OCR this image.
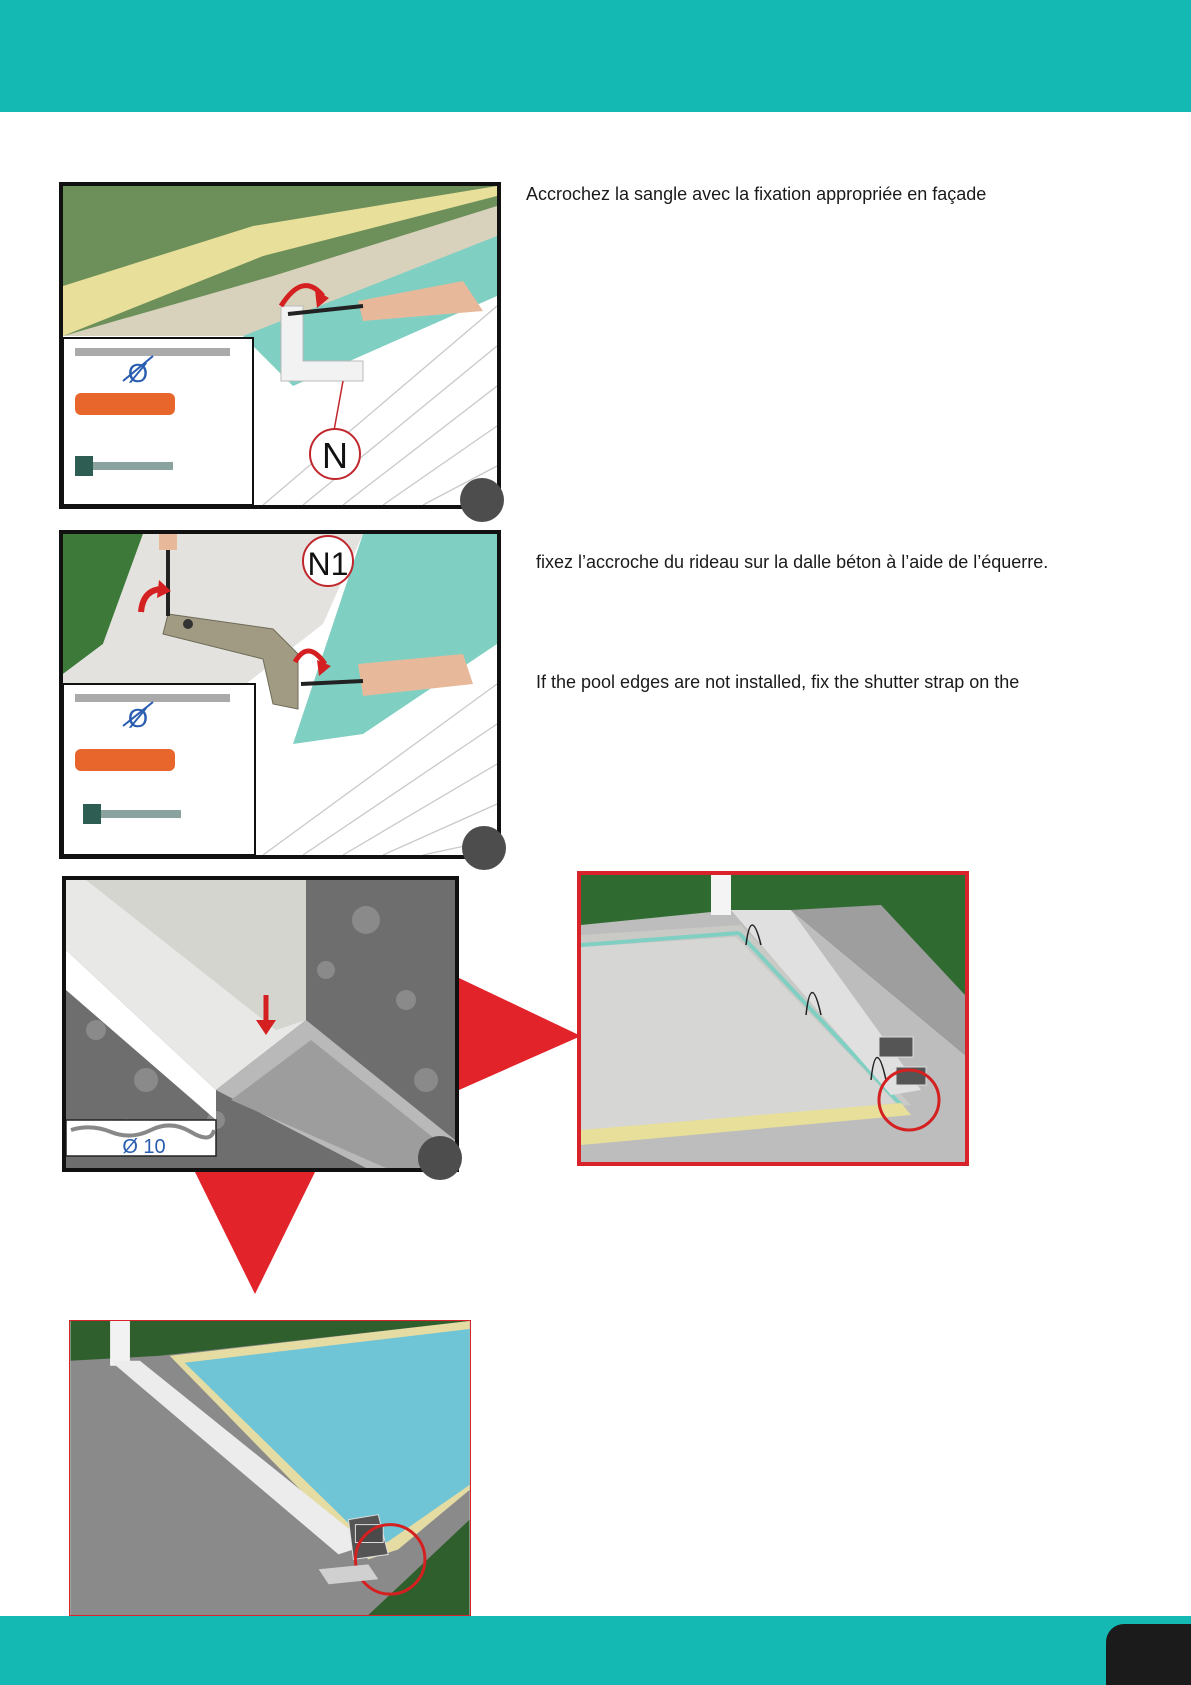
N
Ø
N1
Ø
Ø 10
Accrochez la sangle avec la fixation appropriée en façade
fixez l’accroche du rideau sur la dalle béton à l’aide de l’équerre.
If the pool edges are not installed, fix the shutter strap on the
